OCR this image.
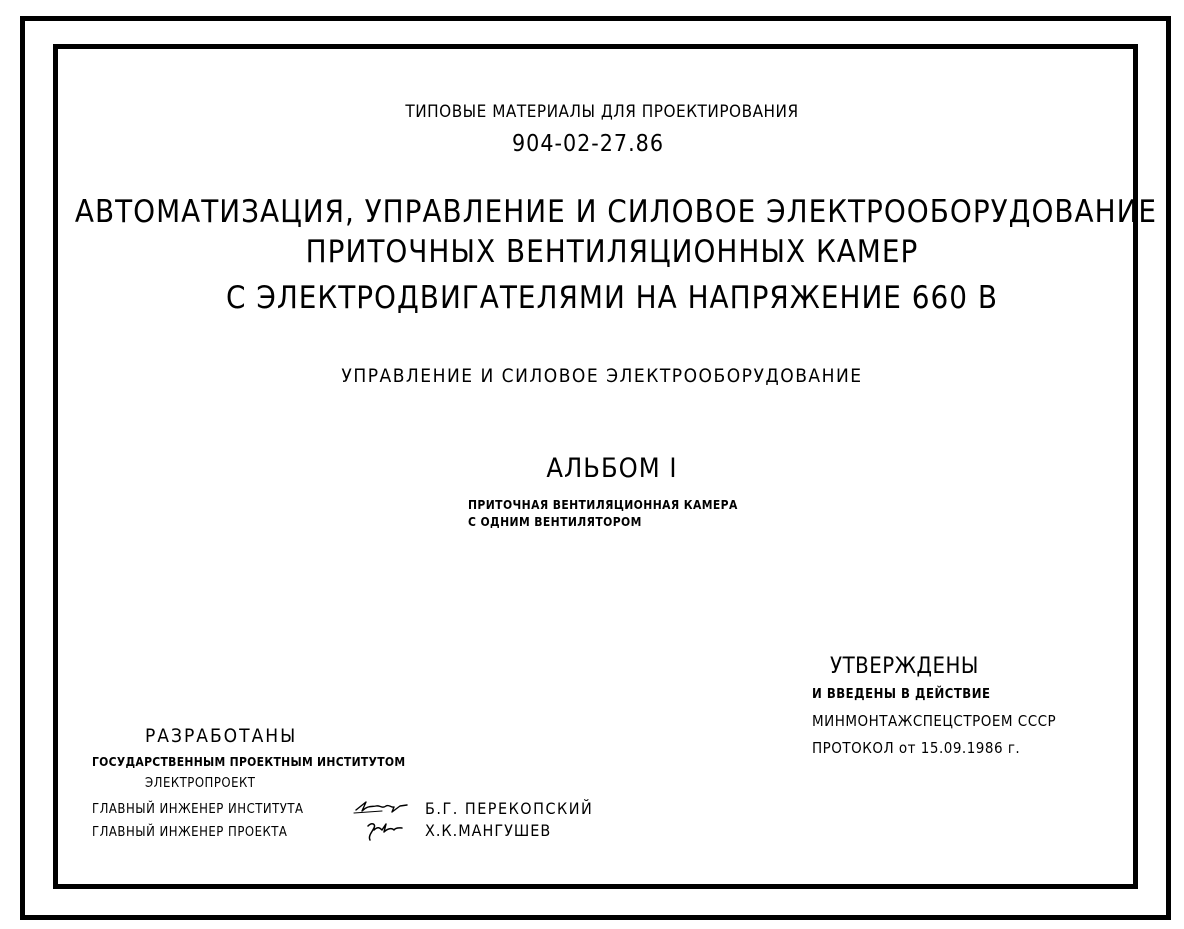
ТИПОВЫЕ МАТЕРИАЛЫ ДЛЯ ПРОЕКТИРОВАНИЯ
904-02-27.86
АВТОМАТИЗАЦИЯ, УПРАВЛЕНИЕ И СИЛОВОЕ ЭЛЕКТРООБОРУДОВАНИЕ
ПРИТОЧНЫХ ВЕНТИЛЯЦИОННЫХ КАМЕР
С ЭЛЕКТРОДВИГАТЕЛЯМИ НА НАПРЯЖЕНИЕ 660 В
УПРАВЛЕНИЕ И СИЛОВОЕ ЭЛЕКТРООБОРУДОВАНИЕ
АЛЬБОМ I
ПРИТОЧНАЯ ВЕНТИЛЯЦИОННАЯ КАМЕРА
С ОДНИМ ВЕНТИЛЯТОРОМ
УТВЕРЖДЕНЫ
И ВВЕДЕНЫ В ДЕЙСТВИЕ
МИНМОНТАЖСПЕЦСТРОЕМ СССР
ПРОТОКОЛ от 15.09.1986 г.
РАЗРАБОТАНЫ
ГОСУДАРСТВЕННЫМ ПРОЕКТНЫМ ИНСТИТУТОМ
ЭЛЕКТРОПРОЕКТ
ГЛАВНЫЙ ИНЖЕНЕР ИНСТИТУТА
ГЛАВНЫЙ ИНЖЕНЕР ПРОЕКТА
Б.Г. ПЕРЕКОПСКИЙ
Х.К.МАНГУШЕВ
